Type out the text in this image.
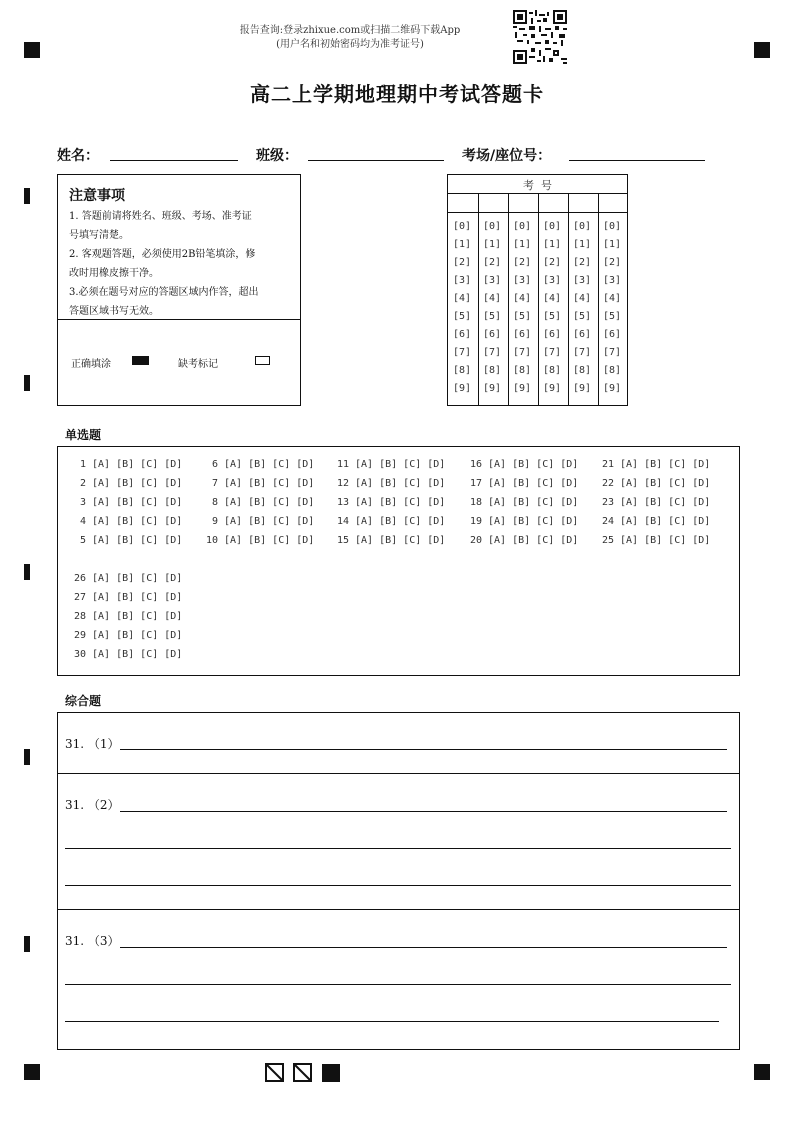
报告查询:登录zhixue.com或扫描二维码下载App
(用户名和初始密码均为准考证号)
高二上学期地理期中考试答题卡
姓名：	班级：	考场/座位号：
注意事项
1. 答题前请将姓名、班级、考场、准考证
号填写清楚。
2. 客观题答题，必须使用2B铅笔填涂，修
改时用橡皮擦干净。
3.必须在题号对应的答题区域内作答，超出
答题区域书写无效。
正确填涂	缺考标记
考  号
[0] [0] [0] [0] [0] [0]
[1] [1] [1] [1] [1] [1]
[2] [2] [2] [2] [2] [2]
[3] [3] [3] [3] [3] [3]
[4] [4] [4] [4] [4] [4]
[5] [5] [5] [5] [5] [5]
[6] [6] [6] [6] [6] [6]
[7] [7] [7] [7] [7] [7]
[8] [8] [8] [8] [8] [8]
[9] [9] [9] [9] [9] [9]
单选题
1 [A] [B] [C] [D]
2 [A] [B] [C] [D]
3 [A] [B] [C] [D]
4 [A] [B] [C] [D]
5 [A] [B] [C] [D]
6 [A] [B] [C] [D]
7 [A] [B] [C] [D]
8 [A] [B] [C] [D]
9 [A] [B] [C] [D]
10 [A] [B] [C] [D]
11 [A] [B] [C] [D]
12 [A] [B] [C] [D]
13 [A] [B] [C] [D]
14 [A] [B] [C] [D]
15 [A] [B] [C] [D]
16 [A] [B] [C] [D]
17 [A] [B] [C] [D]
18 [A] [B] [C] [D]
19 [A] [B] [C] [D]
20 [A] [B] [C] [D]
21 [A] [B] [C] [D]
22 [A] [B] [C] [D]
23 [A] [B] [C] [D]
24 [A] [B] [C] [D]
25 [A] [B] [C] [D]
26 [A] [B] [C] [D]
27 [A] [B] [C] [D]
28 [A] [B] [C] [D]
29 [A] [B] [C] [D]
30 [A] [B] [C] [D]
综合题
31. （1）
31. （2）
31. （3）
